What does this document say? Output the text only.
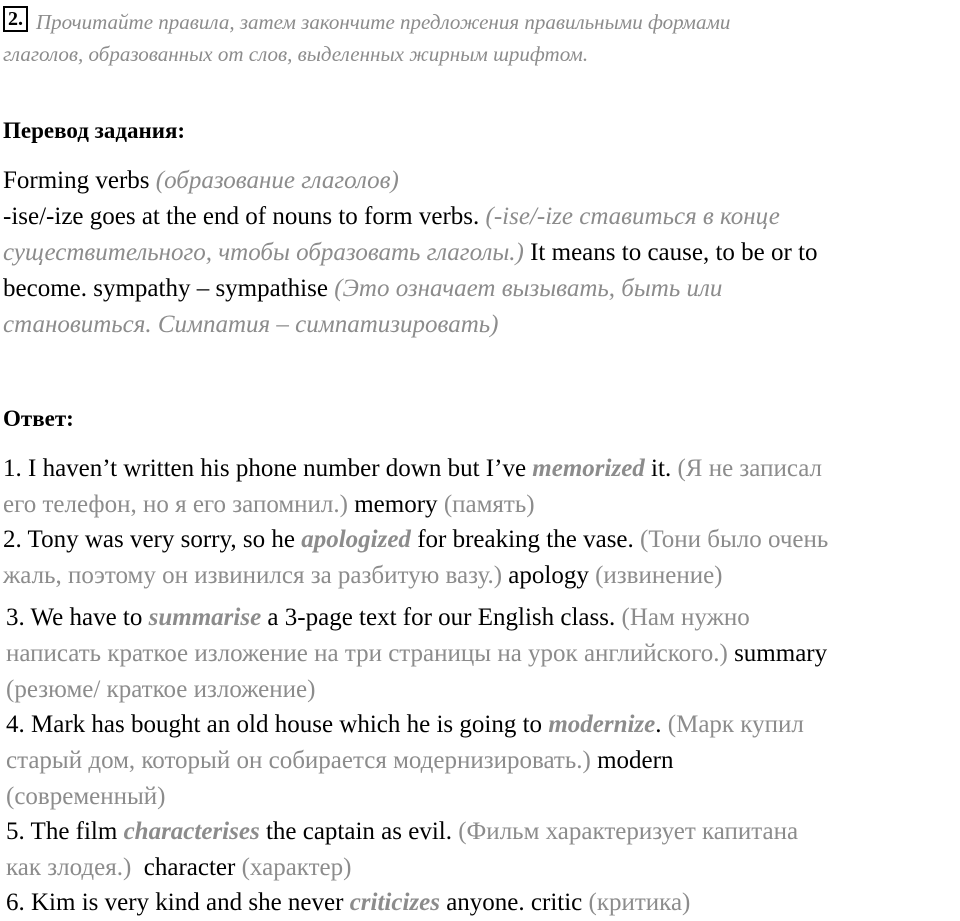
2. Прочитайте правила, затем закончите предложения правильными формами
глаголов, образованных от слов, выделенных жирным шрифтом.
Перевод задания:
Forming verbs (образование глаголов)
-ise/-ize goes at the end of nouns to form verbs. (-ise/-ize ставиться в конце
существительного, чтобы образовать глаголы.) It means to cause, to be or to
become. sympathy – sympathise (Это означает вызывать, быть или
становиться. Симпатия – симпатизировать)
Ответ:
1. I haven’t written his phone number down but I’ve memorized it. (Я не записал
его телефон, но я его запомнил.) memory (память)
2. Tony was very sorry, so he apologized for breaking the vase. (Тони было очень
жаль, поэтому он извинился за разбитую вазу.) apology (извинение)
3. We have to summarise a 3-page text for our English class. (Нам нужно
написать краткое изложение на три страницы на урок английского.) summary
(резюме/ краткое изложение)
4. Mark has bought an old house which he is going to modernize. (Марк купил
старый дом, который он собирается модернизировать.) modern
(современный)
5. The film characterises the captain as evil. (Фильм характеризует капитана
как злодея.)  character (характер)
6. Kim is very kind and she never criticizes anyone. critic (критика)
